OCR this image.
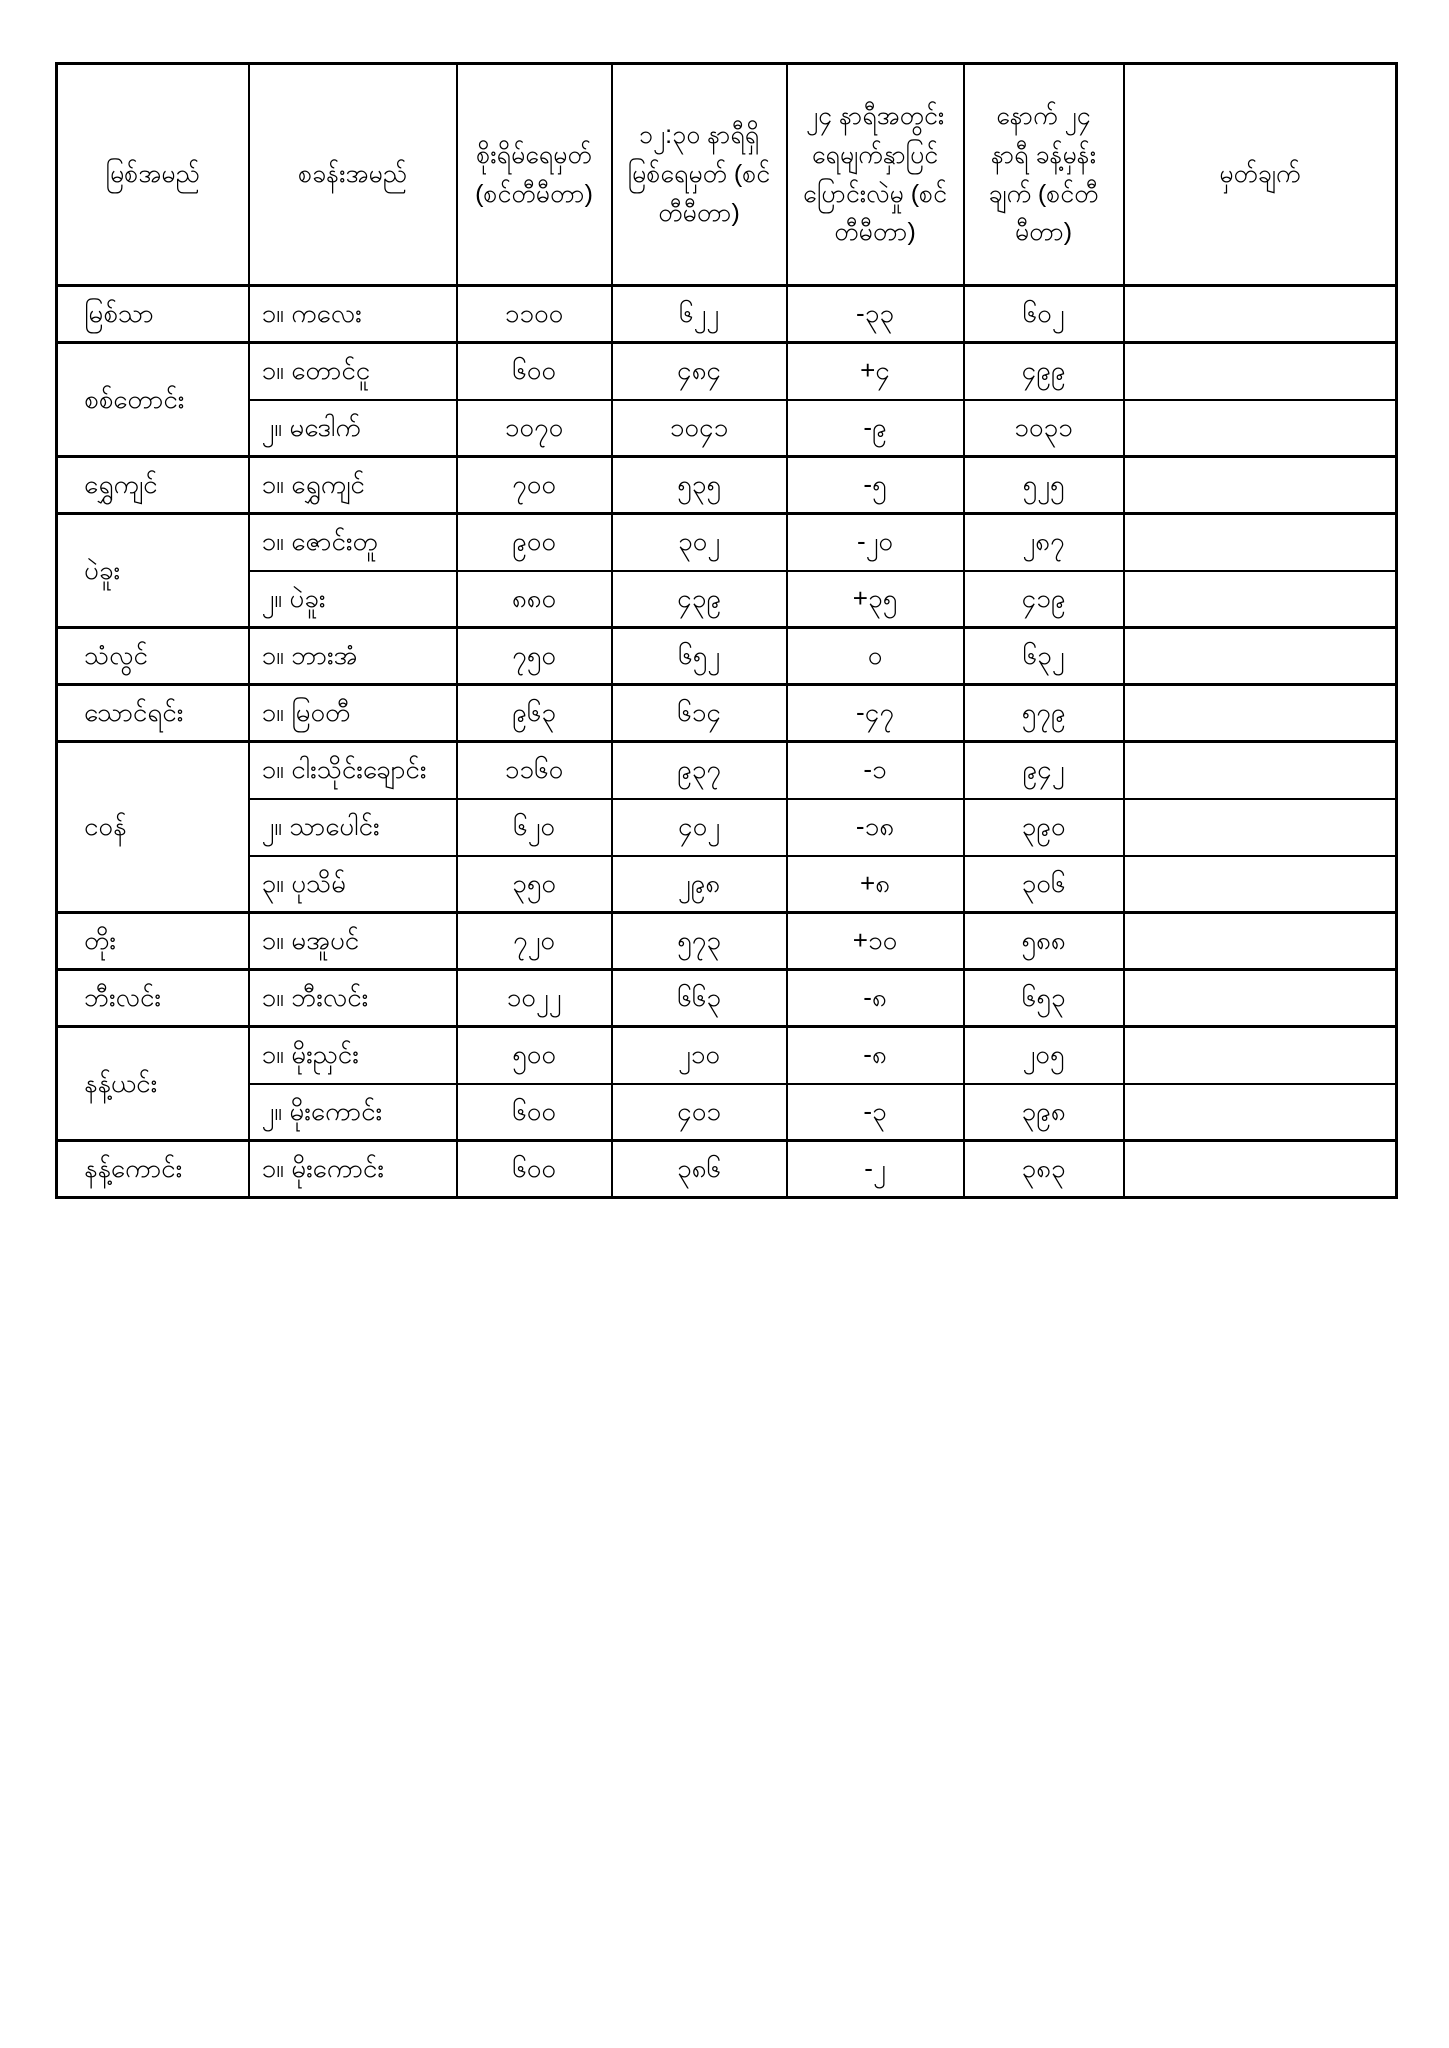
မြစ်အမည်	စခန်းအမည်	စိုးရိမ်ရေမှတ် (စင်တီမီတာ)	၁၂:၃၀ နာရီရှိ မြစ်ရေမှတ် (စင်တီမီတာ)	၂၄ နာရီအတွင်း ရေမျက်နှာပြင် ပြောင်းလဲမှု (စင်တီမီတာ)	နောက် ၂၄ နာရီ ခန့်မှန်းချက် (စင်တီမီတာ)	မှတ်ချက်
မြစ်သာ	၁။ ကလေး	၁၁၀၀	၆၂၂	-၃၃	၆၀၂	
စစ်တောင်း	၁။ တောင်ငူ	၆၀၀	၄၈၄	+၄	၄၉၉	
	၂။ မဒေါက်	၁၀၇၀	၁၀၄၁	-၉	၁၀၃၁	
ရွှေကျင်	၁။ ရွှေကျင်	၇၀၀	၅၃၅	-၅	၅၂၅	
ပဲခူး	၁။ ဇောင်းတူ	၉၀၀	၃၀၂	-၂၀	၂၈၇	
	၂။ ပဲခူး	၈၈၀	၄၃၉	+၃၅	၄၁၉	
သံလွင်	၁။ ဘားအံ	၇၅၀	၆၅၂	၀	၆၃၂	
သောင်ရင်း	၁။ မြဝတီ	၉၆၃	၆၁၄	-၄၇	၅၇၉	
ငဝန်	၁။ ငါးသိုင်းချောင်း	၁၁၆၀	၉၃၇	-၁	၉၄၂	
	၂။ သာပေါင်း	၆၂၀	၄၀၂	-၁၈	၃၉၀	
	၃။ ပုသိမ်	၃၅၀	၂၉၈	+၈	၃၀၆	
တိုး	၁။ မအူပင်	၇၂၀	၅၇၃	+၁၀	၅၈၈	
ဘီးလင်း	၁။ ဘီးလင်း	၁၀၂၂	၆၆၃	-၈	၆၅၃	
နန့်ယင်း	၁။ မိုးညှင်း	၅၀၀	၂၁၀	-၈	၂၀၅	
	၂။ မိုးကောင်း	၆၀၀	၄၀၁	-၃	၃၉၈	
နန့်ကောင်း	၁။ မိုးကောင်း	၆၀၀	၃၈၆	-၂	၃၈၃	
